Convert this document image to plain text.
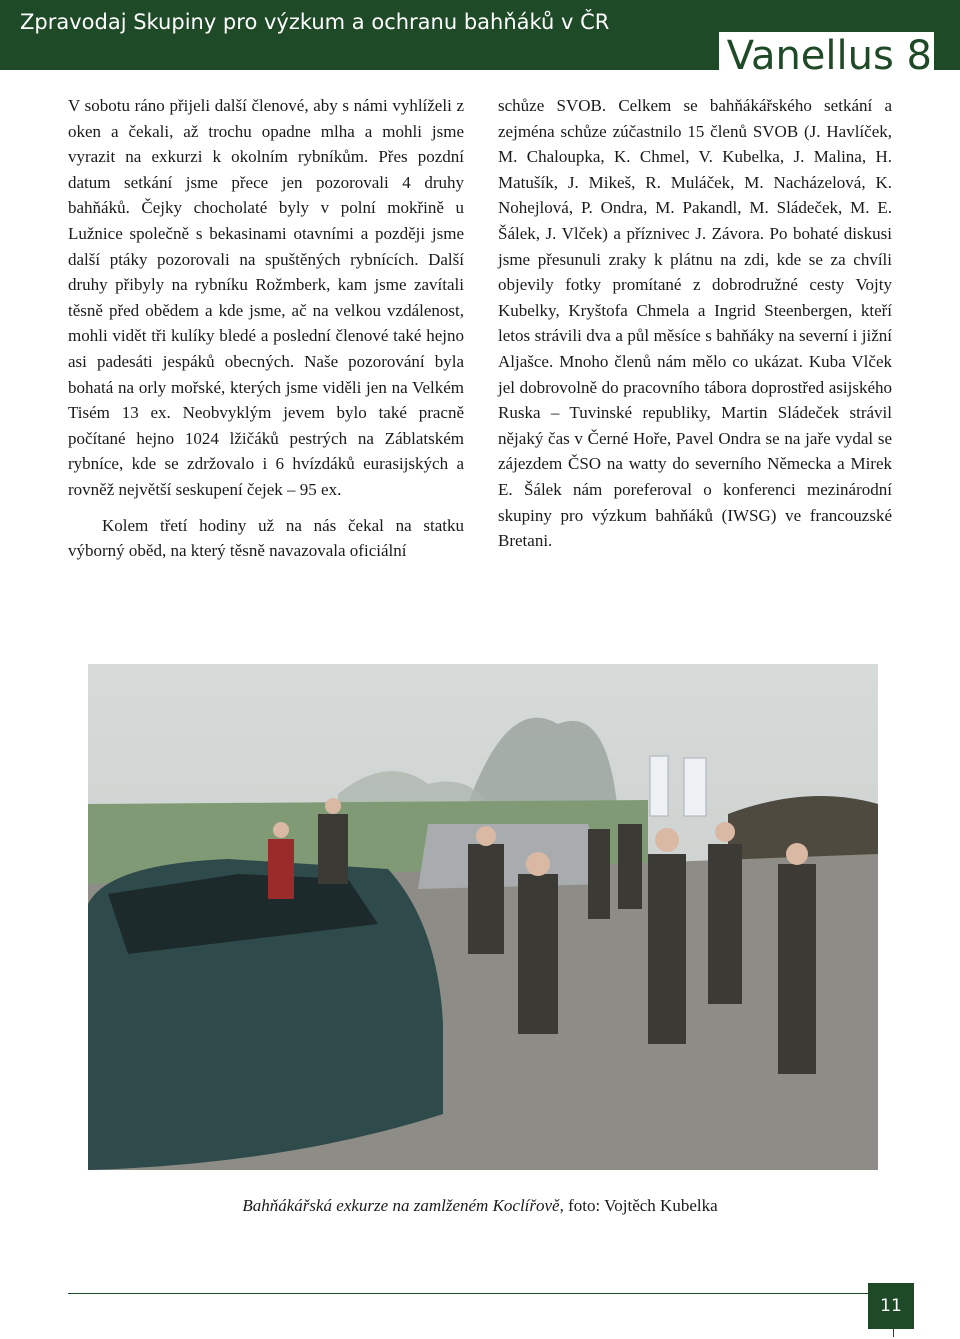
Zpravodaj Skupiny pro výzkum a ochranu bahňáků v ČR
Vanellus 8

V sobotu ráno přijeli další členové, aby s námi vyhlíželi z oken a čekali, až trochu opadne mlha a mohli jsme vyrazit na exkurzi k okolním rybníkům. Přes pozdní datum setkání jsme přece jen pozorovali 4 druhy bahňáků. Čejky chocholaté byly v polní mokřině u Lužnice společně s bekasinami otavními a později jsme další ptáky pozorovali na spuštěných rybnících. Další druhy přibyly na rybníku Rožmberk, kam jsme zavítali těsně před obědem a kde jsme, ač na velkou vzdálenost, mohli vidět tři kulíky bledé a poslední členové také hejno asi padesáti jespáků obecných. Naše pozorování byla bohatá na orly mořské, kterých jsme viděli jen na Velkém Tisém 13 ex. Neobvyklým jevem bylo také pracně počítané hejno 1024 lžičáků pestrých na Záblatském rybníce, kde se zdržovalo i 6 hvízdáků eurasijských a rovněž největší seskupení čejek – 95 ex.

Kolem třetí hodiny už na nás čekal na statku výborný oběd, na který těsně navazovala oficiální

schůze SVOB. Celkem se bahňákářského setkání a zejména schůze zúčastnilo 15 členů SVOB (J. Havlíček, M. Chaloupka, K. Chmel, V. Kubelka, J. Malina, H. Matušík, J. Mikeš, R. Muláček, M. Nacházelová, K. Nohejlová, P. Ondra, M. Pakandl, M. Sládeček, M. E. Šálek, J. Vlček) a příznivec J. Závora. Po bohaté diskusi jsme přesunuli zraky k plátnu na zdi, kde se za chvíli objevily fotky promítané z dobrodružné cesty Vojty Kubelky, Kryštofa Chmela a Ingrid Steenbergen, kteří letos strávili dva a půl měsíce s bahňáky na severní i jižní Aljašce. Mnoho členů nám mělo co ukázat. Kuba Vlček jel dobrovolně do pracovního tábora doprostřed asijského Ruska – Tuvinské republiky, Martin Sládeček strávil nějaký čas v Černé Hoře, Pavel Ondra se na jaře vydal se zájezdem ČSO na watty do severního Německa a Mirek E. Šálek nám poreferoval o konferenci mezinárodní skupiny pro výzkum bahňáků (IWSG) ve francouzské Bretani.

Bahňákářská exkurze na zamlženém Koclířově, foto: Vojtěch Kubelka
11
